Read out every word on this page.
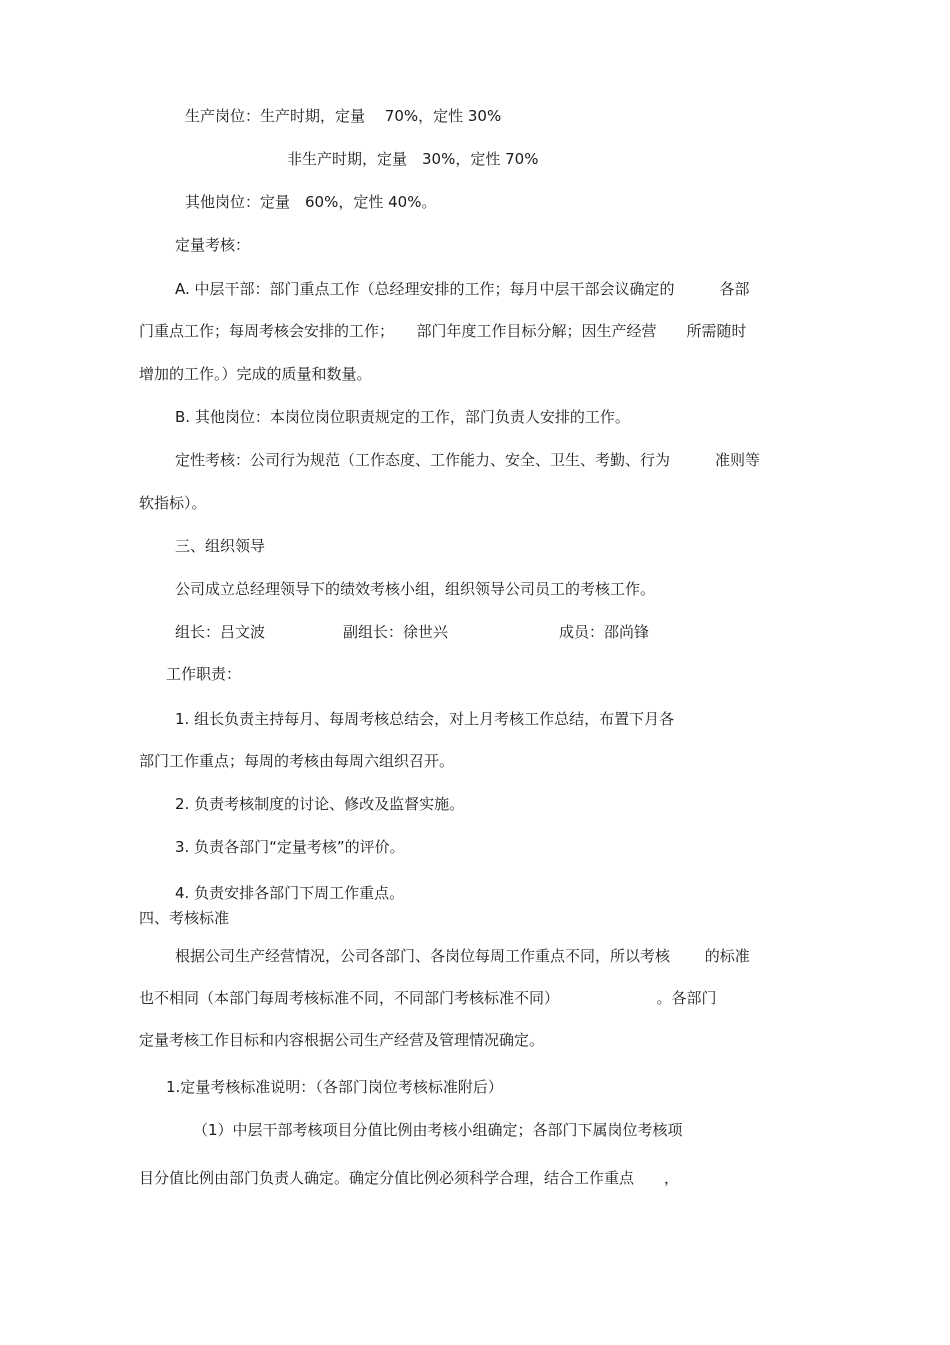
生产岗位：生产时期，定量　 70%，定性 30%
非生产时期，定量　30%，定性 70%
其他岗位：定量　60%，定性 40%。
定量考核：
A. 中层干部：部门重点工作（总经理安排的工作；每月中层干部会议确定的　　　各部
门重点工作；每周考核会安排的工作；　　部门年度工作目标分解；因生产经营　　所需随时
增加的工作。）完成的质量和数量。
B. 其他岗位：本岗位岗位职责规定的工作，部门负责人安排的工作。
定性考核：公司行为规范（工作态度、工作能力、安全、卫生、考勤、行为　　　准则等
软指标）。
三、组织领导
公司成立总经理领导下的绩效考核小组，组织领导公司员工的考核工作。
组长：吕文波	副组长：徐世兴	成员：邵尚锋
工作职责：
1. 组长负责主持每月、每周考核总结会，对上月考核工作总结，布置下月各
部门工作重点；每周的考核由每周六组织召开。
2. 负责考核制度的讨论、修改及监督实施。
3. 负责各部门“定量考核”的评价。
4. 负责安排各部门下周工作重点。
四、考核标准
根据公司生产经营情况，公司各部门、各岗位每周工作重点不同，所以考核　　 的标准
也不相同（本部门每周考核标准不同，不同部门考核标准不同）　　　　　　　。各部门
定量考核工作目标和内容根据公司生产经营及管理情况确定。
1.定量考核标准说明：（各部门岗位考核标准附后）
（1）中层干部考核项目分值比例由考核小组确定；各部门下属岗位考核项
目分值比例由部门负责人确定。确定分值比例必须科学合理，结合工作重点　　，
